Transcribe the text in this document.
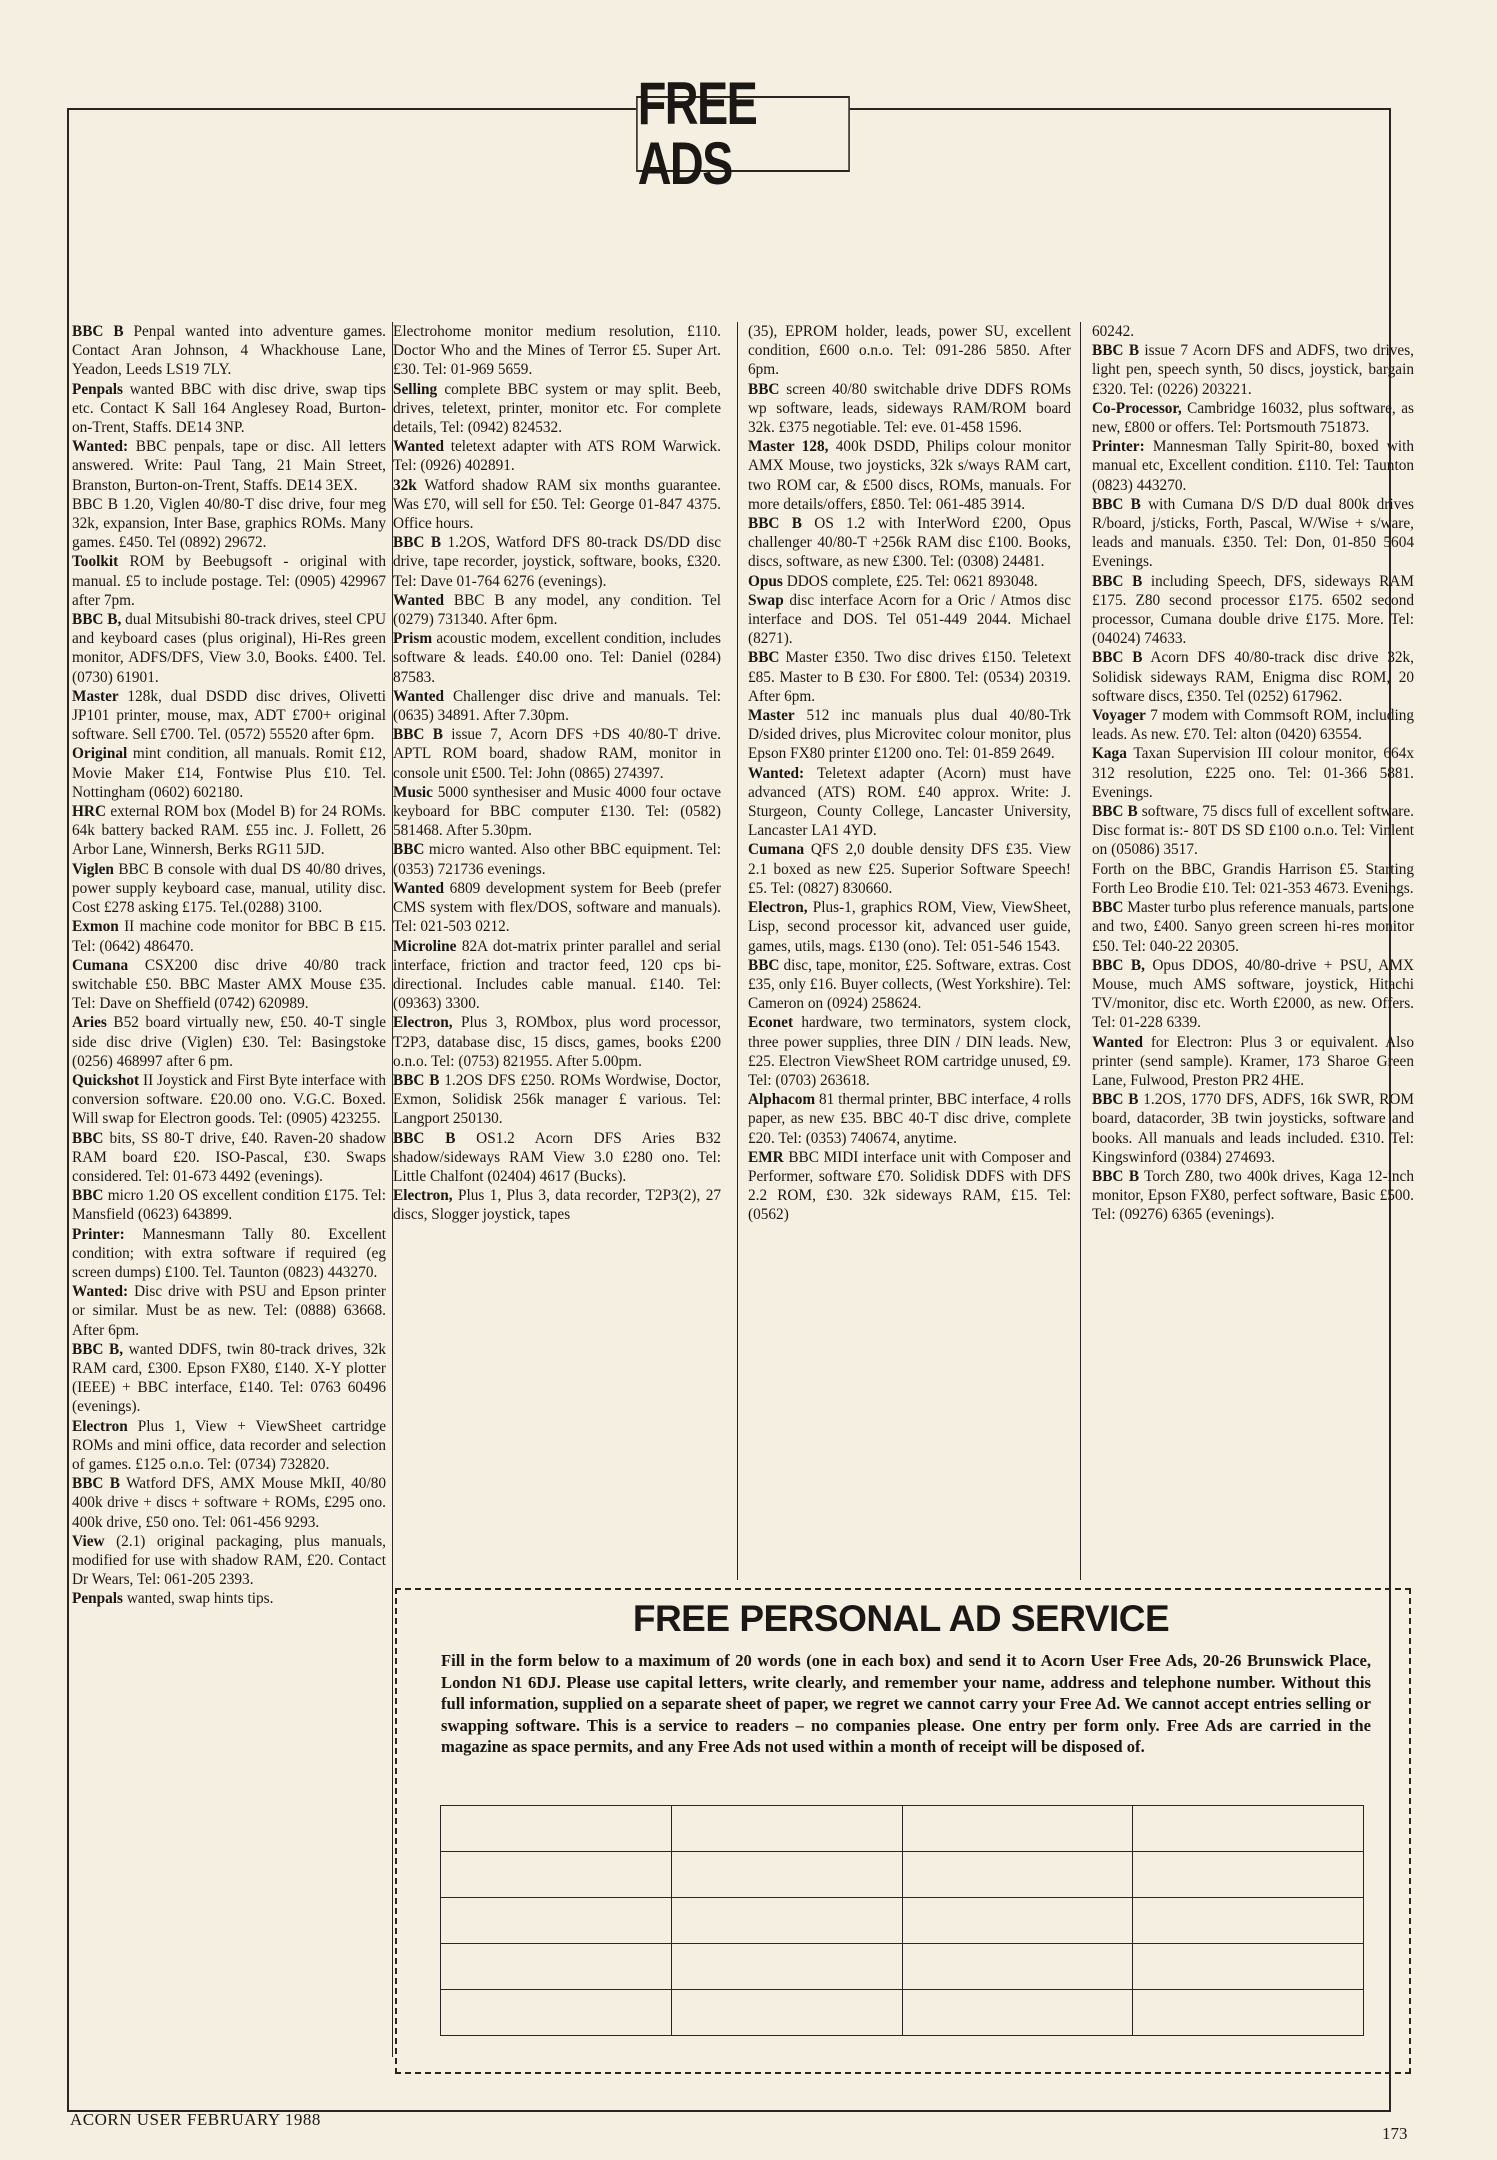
FREE ADS
BBC B Penpal wanted into adventure games. Contact Aran Johnson, 4 Whackhouse Lane, Yeadon, Leeds LS19 7LY.
Penpals wanted BBC with disc drive, swap tips etc. Contact K Sall 164 Anglesey Road, Burton-on-Trent, Staffs. DE14 3NP.
Wanted: BBC penpals, tape or disc. All letters answered. Write: Paul Tang, 21 Main Street, Branston, Burton-on-Trent, Staffs. DE14 3EX.
BBC B 1.20, Viglen 40/80-T disc drive, four meg 32k, expansion, Inter Base, graphics ROMs. Many games. £450. Tel (0892) 29672.
Toolkit ROM by Beebugsoft - original with manual. £5 to include postage. Tel: (0905) 429967 after 7pm.
BBC B, dual Mitsubishi 80-track drives, steel CPU and keyboard cases (plus original), Hi-Res green monitor, ADFS/DFS, View 3.0, Books. £400. Tel. (0730) 61901.
Master 128k, dual DSDD disc drives, Olivetti JP101 printer, mouse, max, ADT £700+ original software. Sell £700. Tel. (0572) 55520 after 6pm.
Original mint condition, all manuals. Romit £12, Movie Maker £14, Fontwise Plus £10. Tel. Nottingham (0602) 602180.
HRC external ROM box (Model B) for 24 ROMs. 64k battery backed RAM. £55 inc. J. Follett, 26 Arbor Lane, Winnersh, Berks RG11 5JD.
Viglen BBC B console with dual DS 40/80 drives, power supply keyboard case, manual, utility disc. Cost £278 asking £175. Tel.(0288) 3100.
Exmon II machine code monitor for BBC B £15. Tel: (0642) 486470.
Cumana CSX200 disc drive 40/80 track switchable £50. BBC Master AMX Mouse £35. Tel: Dave on Sheffield (0742) 620989.
Aries B52 board virtually new, £50. 40-T single side disc drive (Viglen) £30. Tel: Basingstoke (0256) 468997 after 6 pm.
Quickshot II Joystick and First Byte interface with conversion software. £20.00 ono. V.G.C. Boxed. Will swap for Electron goods. Tel: (0905) 423255.
BBC bits, SS 80-T drive, £40. Raven-20 shadow RAM board £20. ISO-Pascal, £30. Swaps considered. Tel: 01-673 4492 (evenings).
BBC micro 1.20 OS excellent condition £175. Tel: Mansfield (0623) 643899.
Printer: Mannesmann Tally 80. Excellent condition; with extra software if required (eg screen dumps) £100. Tel. Taunton (0823) 443270.
Wanted: Disc drive with PSU and Epson printer or similar. Must be as new. Tel: (0888) 63668. After 6pm.
BBC B, wanted DDFS, twin 80-track drives, 32k RAM card, £300. Epson FX80, £140. X-Y plotter (IEEE) + BBC interface, £140. Tel: 0763 60496 (evenings).
Electron Plus 1, View + ViewSheet cartridge ROMs and mini office, data recorder and selection of games. £125 o.n.o. Tel: (0734) 732820.
BBC B Watford DFS, AMX Mouse MkII, 40/80 400k drive + discs + software + ROMs, £295 ono. 400k drive, £50 ono. Tel: 061-456 9293.
View (2.1) original packaging, plus manuals, modified for use with shadow RAM, £20. Contact Dr Wears, Tel: 061-205 2393.
Penpals wanted, swap hints tips.
Electrohome monitor medium resolution, £110. Doctor Who and the Mines of Terror £5. Super Art. £30. Tel: 01-969 5659.
Selling complete BBC system or may split. Beeb, drives, teletext, printer, monitor etc. For complete details, Tel: (0942) 824532.
Wanted teletext adapter with ATS ROM Warwick. Tel: (0926) 402891.
32k Watford shadow RAM six months guarantee. Was £70, will sell for £50. Tel: George 01-847 4375. Office hours.
BBC B 1.2OS, Watford DFS 80-track DS/DD disc drive, tape recorder, joystick, software, books, £320. Tel: Dave 01-764 6276 (evenings).
Wanted BBC B any model, any condition. Tel (0279) 731340. After 6pm.
Prism acoustic modem, excellent condition, includes software & leads. £40.00 ono. Tel: Daniel (0284) 87583.
Wanted Challenger disc drive and manuals. Tel: (0635) 34891. After 7.30pm.
BBC B issue 7, Acorn DFS +DS 40/80-T drive. APTL ROM board, shadow RAM, monitor in console unit £500. Tel: John (0865) 274397.
Music 5000 synthesiser and Music 4000 four octave keyboard for BBC computer £130. Tel: (0582) 581468. After 5.30pm.
BBC micro wanted. Also other BBC equipment. Tel: (0353) 721736 evenings.
Wanted 6809 development system for Beeb (prefer CMS system with flex/DOS, software and manuals). Tel: 021-503 0212.
Microline 82A dot-matrix printer parallel and serial interface, friction and tractor feed, 120 cps bi-directional. Includes cable manual. £140. Tel: (09363) 3300.
Electron, Plus 3, ROMbox, plus word processor, T2P3, database disc, 15 discs, games, books £200 o.n.o. Tel: (0753) 821955. After 5.00pm.
BBC B 1.2OS DFS £250. ROMs Wordwise, Doctor, Exmon, Solidisk 256k manager £ various. Tel: Langport 250130.
BBC B OS1.2 Acorn DFS Aries B32 shadow/sideways RAM View 3.0 £280 ono. Tel: Little Chalfont (02404) 4617 (Bucks).
Electron, Plus 1, Plus 3, data recorder, T2P3(2), 27 discs, Slogger joystick, tapes
(35), EPROM holder, leads, power SU, excellent condition, £600 o.n.o. Tel: 091-286 5850. After 6pm.
BBC screen 40/80 switchable drive DDFS ROMs wp software, leads, sideways RAM/ROM board 32k. £375 negotiable. Tel: eve. 01-458 1596.
Master 128, 400k DSDD, Philips colour monitor AMX Mouse, two joysticks, 32k s/ways RAM cart, two ROM car, & £500 discs, ROMs, manuals. For more details/offers, £850. Tel: 061-485 3914.
BBC B OS 1.2 with InterWord £200, Opus challenger 40/80-T +256k RAM disc £100. Books, discs, software, as new £300. Tel: (0308) 24481.
Opus DDOS complete, £25. Tel: 0621 893048.
Swap disc interface Acorn for a Oric / Atmos disc interface and DOS. Tel 051-449 2044. Michael (8271).
BBC Master £350. Two disc drives £150. Teletext £85. Master to B £30. For £800. Tel: (0534) 20319. After 6pm.
Master 512 inc manuals plus dual 40/80-Trk D/sided drives, plus Microvitec colour monitor, plus Epson FX80 printer £1200 ono. Tel: 01-859 2649.
Wanted: Teletext adapter (Acorn) must have advanced (ATS) ROM. £40 approx. Write: J. Sturgeon, County College, Lancaster University, Lancaster LA1 4YD.
Cumana QFS 2,0 double density DFS £35. View 2.1 boxed as new £25. Superior Software Speech! £5. Tel: (0827) 830660.
Electron, Plus-1, graphics ROM, View, ViewSheet, Lisp, second processor kit, advanced user guide, games, utils, mags. £130 (ono). Tel: 051-546 1543.
BBC disc, tape, monitor, £25. Software, extras. Cost £35, only £16. Buyer collects, (West Yorkshire). Tel: Cameron on (0924) 258624.
Econet hardware, two terminators, system clock, three power supplies, three DIN / DIN leads. New, £25. Electron ViewSheet ROM cartridge unused, £9. Tel: (0703) 263618.
Alphacom 81 thermal printer, BBC interface, 4 rolls paper, as new £35. BBC 40-T disc drive, complete £20. Tel: (0353) 740674, anytime.
EMR BBC MIDI interface unit with Composer and Performer, software £70. Solidisk DDFS with DFS 2.2 ROM, £30. 32k sideways RAM, £15. Tel: (0562)
60242.
BBC B issue 7 Acorn DFS and ADFS, two drives, light pen, speech synth, 50 discs, joystick, bargain £320. Tel: (0226) 203221.
Co-Processor, Cambridge 16032, plus software, as new, £800 or offers. Tel: Portsmouth 751873.
Printer: Mannesman Tally Spirit-80, boxed with manual etc, Excellent condition. £110. Tel: Taunton (0823) 443270.
BBC B with Cumana D/S D/D dual 800k drives R/board, j/sticks, Forth, Pascal, W/Wise + s/ware, leads and manuals. £350. Tel: Don, 01-850 5604 Evenings.
BBC B including Speech, DFS, sideways RAM £175. Z80 second processor £175. 6502 second processor, Cumana double drive £175. More. Tel: (04024) 74633.
BBC B Acorn DFS 40/80-track disc drive 32k, Solidisk sideways RAM, Enigma disc ROM, 20 software discs, £350. Tel (0252) 617962.
Voyager 7 modem with Commsoft ROM, including leads. As new. £70. Tel: alton (0420) 63554.
Kaga Taxan Supervision III colour monitor, 664x 312 resolution, £225 ono. Tel: 01-366 5881. Evenings.
BBC B software, 75 discs full of excellent software. Disc format is:- 80T DS SD £100 o.n.o. Tel: Vinlent on (05086) 3517.
Forth on the BBC, Grandis Harrison £5. Starting Forth Leo Brodie £10. Tel: 021-353 4673. Evenings.
BBC Master turbo plus reference manuals, parts one and two, £400. Sanyo green screen hi-res monitor £50. Tel: 040-22 20305.
BBC B, Opus DDOS, 40/80-drive + PSU, AMX Mouse, much AMS software, joystick, Hitachi TV/monitor, disc etc. Worth £2000, as new. Offers. Tel: 01-228 6339.
Wanted for Electron: Plus 3 or equivalent. Also printer (send sample). Kramer, 173 Sharoe Green Lane, Fulwood, Preston PR2 4HE.
BBC B 1.2OS, 1770 DFS, ADFS, 16k SWR, ROM board, datacorder, 3B twin joysticks, software and books. All manuals and leads included. £310. Tel: Kingswinford (0384) 274693.
BBC B Torch Z80, two 400k drives, Kaga 12-inch monitor, Epson FX80, perfect software, Basic £500. Tel: (09276) 6365 (evenings).
FREE PERSONAL AD SERVICE
Fill in the form below to a maximum of 20 words (one in each box) and send it to Acorn User Free Ads, 20-26 Brunswick Place, London N1 6DJ. Please use capital letters, write clearly, and remember your name, address and telephone number. Without this full information, supplied on a separate sheet of paper, we regret we cannot carry your Free Ad. We cannot accept entries selling or swapping software. This is a service to readers – no companies please. One entry per form only. Free Ads are carried in the magazine as space permits, and any Free Ads not used within a month of receipt will be disposed of.

ACORN USER FEBRUARY 1988
173
